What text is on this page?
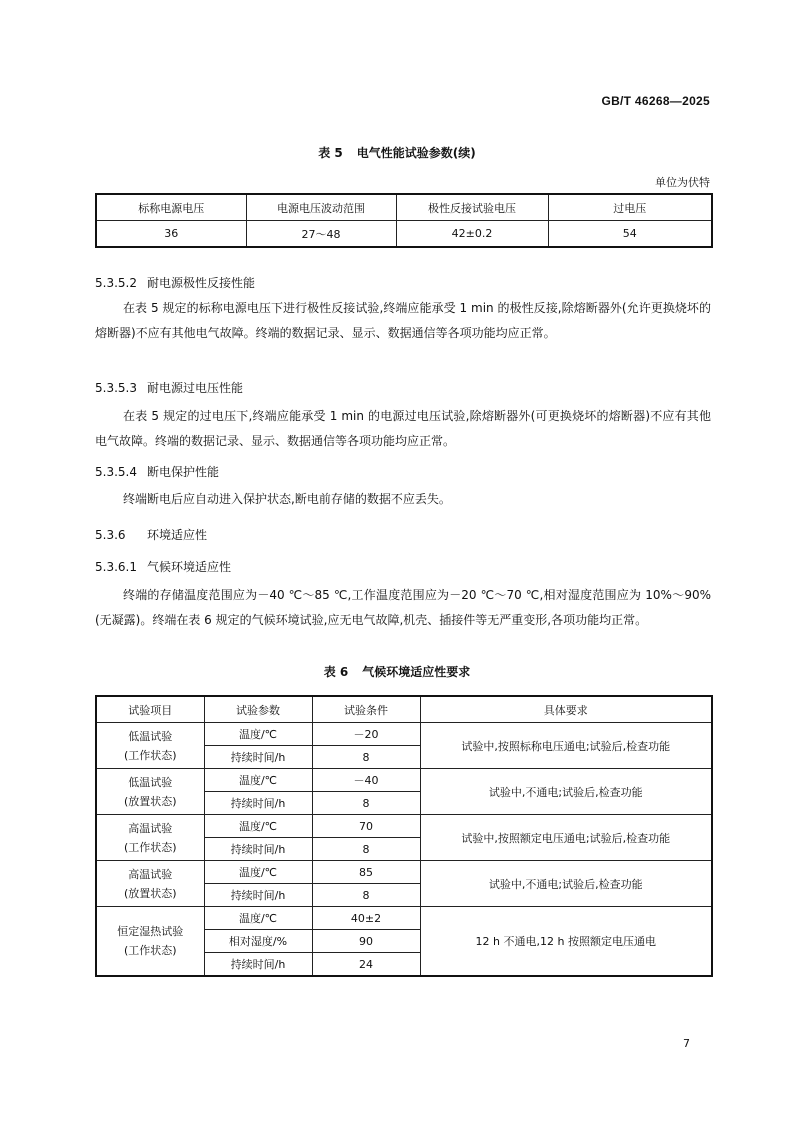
GB/T 46268—2025
表 5 电气性能试验参数(续)
单位为伏特
标称电源电压	电源电压波动范围	极性反接试验电压	过电压
36	27～48	42±0.2	54
5.3.5.2 耐电源极性反接性能
在表 5 规定的标称电源电压下进行极性反接试验,终端应能承受 1 min 的极性反接,除熔断器外(允许更换烧坏的熔断器)不应有其他电气故障。终端的数据记录、显示、数据通信等各项功能均应正常。
5.3.5.3 耐电源过电压性能
在表 5 规定的过电压下,终端应能承受 1 min 的电源过电压试验,除熔断器外(可更换烧坏的熔断器)不应有其他电气故障。终端的数据记录、显示、数据通信等各项功能均应正常。
5.3.5.4 断电保护性能
终端断电后应自动进入保护状态,断电前存储的数据不应丢失。
5.3.6 环境适应性
5.3.6.1 气候环境适应性
终端的存储温度范围应为－40 ℃～85 ℃,工作温度范围应为－20 ℃～70 ℃,相对湿度范围应为 10%～90%(无凝露)。终端在表 6 规定的气候环境试验,应无电气故障,机壳、插接件等无严重变形,各项功能均正常。
表 6 气候环境适应性要求
试验项目	试验参数	试验条件	具体要求
低温试验
(工作状态)	温度/℃	－20	试验中,按照标称电压通电;试验后,检查功能
	持续时间/h	8	
低温试验
(放置状态)	温度/℃	－40	试验中,不通电;试验后,检查功能
	持续时间/h	8	
高温试验
(工作状态)	温度/℃	70	试验中,按照额定电压通电;试验后,检查功能
	持续时间/h	8	
高温试验
(放置状态)	温度/℃	85	试验中,不通电;试验后,检查功能
	持续时间/h	8	
恒定湿热试验
(工作状态)	温度/℃	40±2	12 h 不通电,12 h 按照额定电压通电
	相对湿度/%	90	
	持续时间/h	24	
7
